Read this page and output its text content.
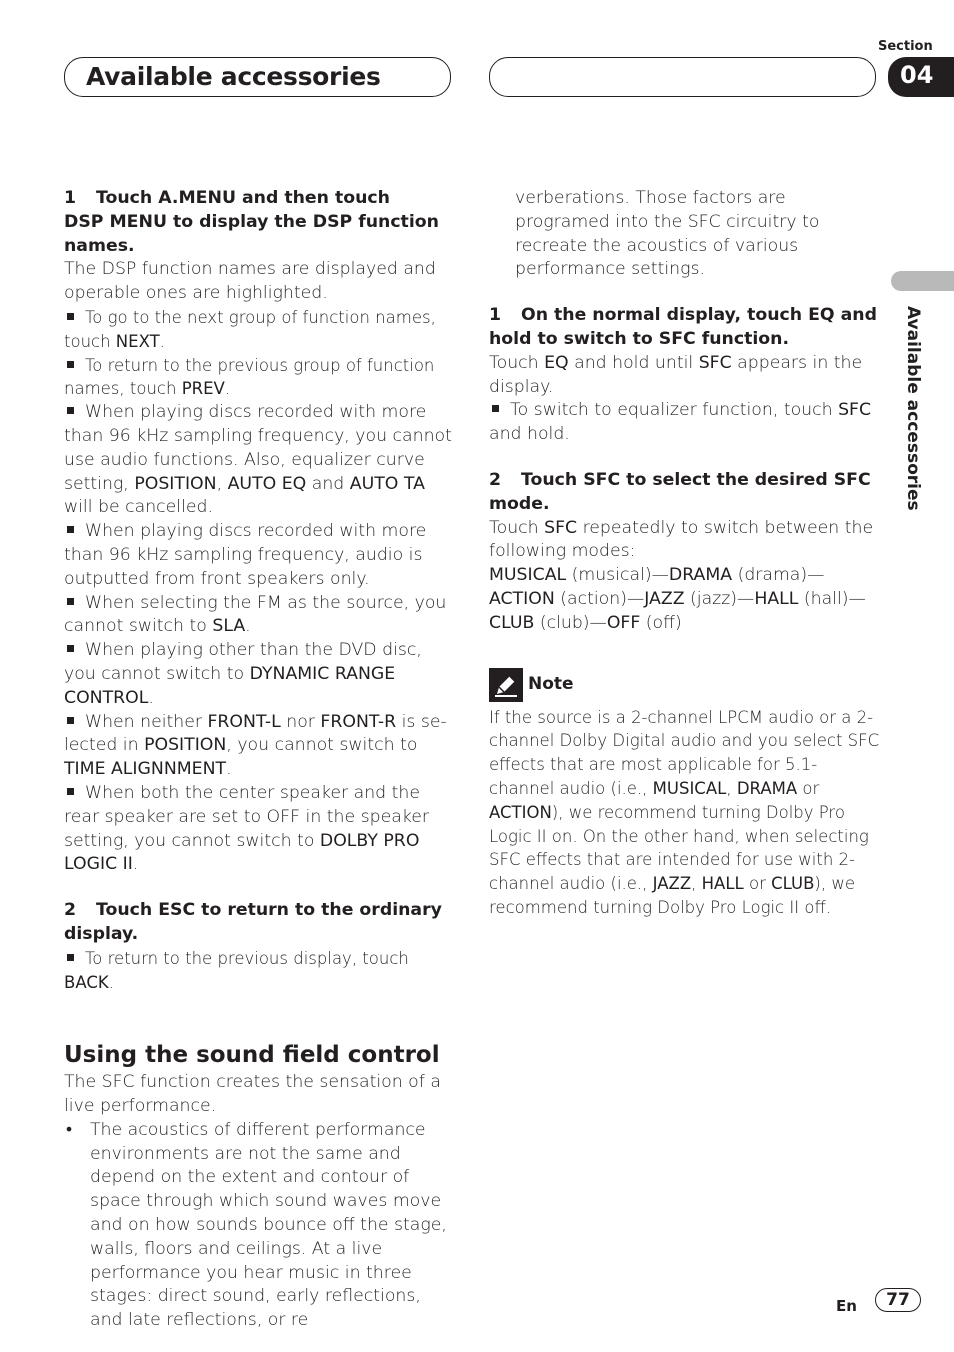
Available accessories
Section
04
Available accessories

1 Touch A.MENU and then touch
DSP MENU to display the DSP function names.

The DSP function names are displayed and operable ones are highlighted.

To go to the next group of function names, touch NEXT.

To return to the previous group of function names, touch PREV.

When playing discs recorded with more than 96 kHz sampling frequency, you cannot use audio functions. Also, equalizer curve setting, POSITION, AUTO EQ and AUTO TA will be cancelled.

When playing discs recorded with more than 96 kHz sampling frequency, audio is outputted from front speakers only.

When selecting the FM as the source, you cannot switch to SLA.

When playing other than the DVD disc, you cannot switch to DYNAMIC RANGE CONTROL.

When neither FRONT-L nor FRONT-R is selected in POSITION, you cannot switch to TIME ALIGNNMENT.

When both the center speaker and the rear speaker are set to OFF in the speaker setting, you cannot switch to DOLBY PRO LOGIC II.

2 Touch ESC to return to the ordinary display.

To return to the previous display, touch BACK.

Using the sound field control

The SFC function creates the sensation of a live performance.

• The acoustics of different performance environments are not the same and depend on the extent and contour of space through which sound waves move and on how sounds bounce off the stage, walls, floors and ceilings. At a live performance you hear music in three stages: direct sound, early reflections, and late reflections, or re
verberations. Those factors are programed into the SFC circuitry to recreate the acoustics of various performance settings.

1 On the normal display, touch EQ and hold to switch to SFC function.

Touch EQ and hold until SFC appears in the display.

To switch to equalizer function, touch SFC and hold.

2 Touch SFC to select the desired SFC mode.

Touch SFC repeatedly to switch between the following modes:

MUSICAL (musical)—DRAMA (drama)—ACTION (action)—JAZZ (jazz)—HALL (hall)—CLUB (club)—OFF (off)

Note

If the source is a 2-channel LPCM audio or a 2-channel Dolby Digital audio and you select SFC effects that are most applicable for 5.1-channel audio (i.e., MUSICAL, DRAMA or ACTION), we recommend turning Dolby Pro Logic II on. On the other hand, when selecting SFC effects that are intended for use with 2-channel audio (i.e., JAZZ, HALL or CLUB), we recommend turning Dolby Pro Logic II off.

En	77
